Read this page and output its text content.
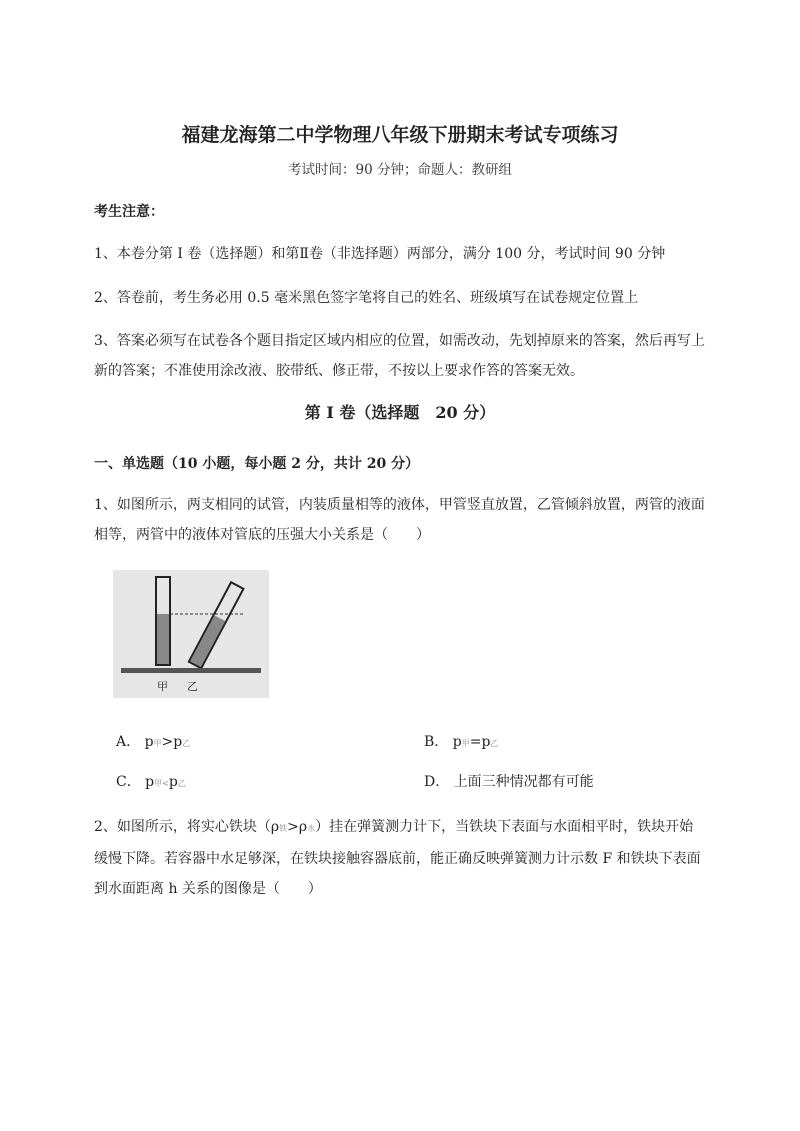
福建龙海第二中学物理八年级下册期末考试专项练习
考试时间：90 分钟；命题人：教研组
考生注意：
1、本卷分第 I 卷（选择题）和第Ⅱ卷（非选择题）两部分，满分 100 分，考试时间 90 分钟
2、答卷前，考生务必用 0.5 毫米黑色签字笔将自己的姓名、班级填写在试卷规定位置上
3、答案必须写在试卷各个题目指定区域内相应的位置，如需改动，先划掉原来的答案，然后再写上新的答案；不准使用涂改液、胶带纸、修正带，不按以上要求作答的答案无效。
第 I 卷（选择题　20 分）
一、单选题（10 小题，每小题 2 分，共计 20 分）
1、如图所示，两支相同的试管，内装质量相等的液体，甲管竖直放置，乙管倾斜放置，两管的液面相等，两管中的液体对管底的压强大小关系是（　　）
甲 乙
A． p甲>p乙	B． p甲=p乙
C． p甲<p乙	D． 上面三种情况都有可能
2、如图所示，将实心铁块（ρ铁>ρ水）挂在弹簧测力计下，当铁块下表面与水面相平时，铁块开始缓慢下降。若容器中水足够深，在铁块接触容器底前，能正确反映弹簧测力计示数 F 和铁块下表面到水面距离 h 关系的图像是（　　）
